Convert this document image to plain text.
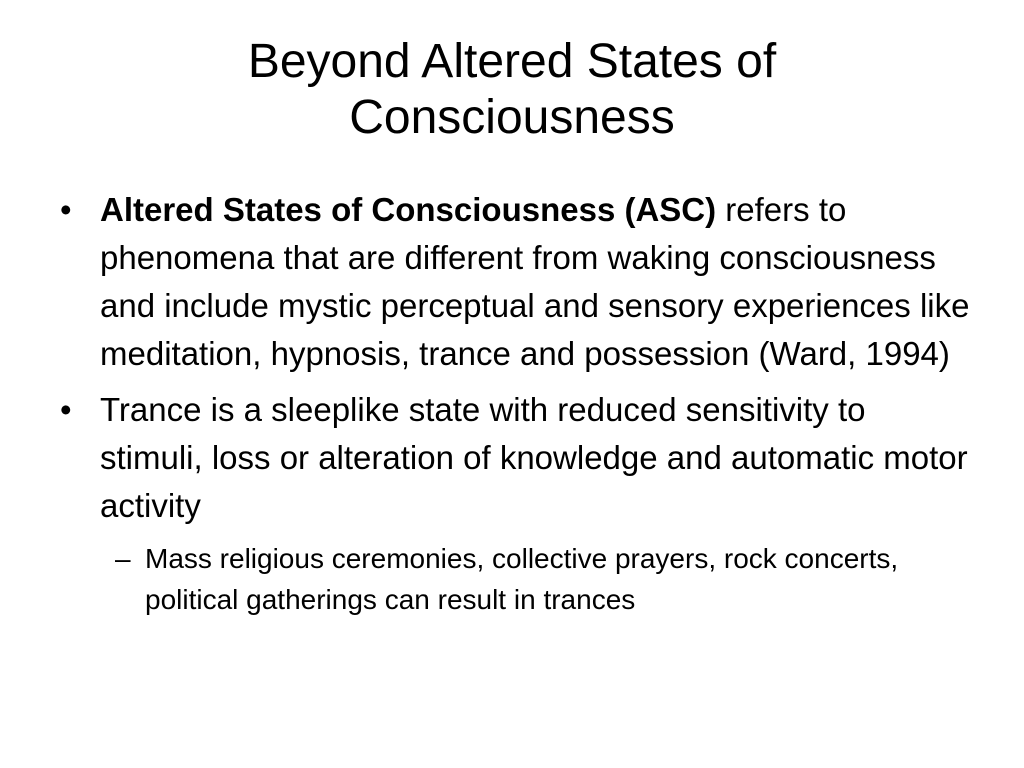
Beyond Altered States of
Consciousness
• Altered States of Consciousness (ASC) refers to phenomena that are different from waking consciousness and include mystic perceptual and sensory experiences like meditation, hypnosis, trance and possession (Ward, 1994)
• Trance is a sleeplike state with reduced sensitivity to stimuli, loss or alteration of knowledge and automatic motor activity
– Mass religious ceremonies, collective prayers, rock concerts, political gatherings can result in trances
